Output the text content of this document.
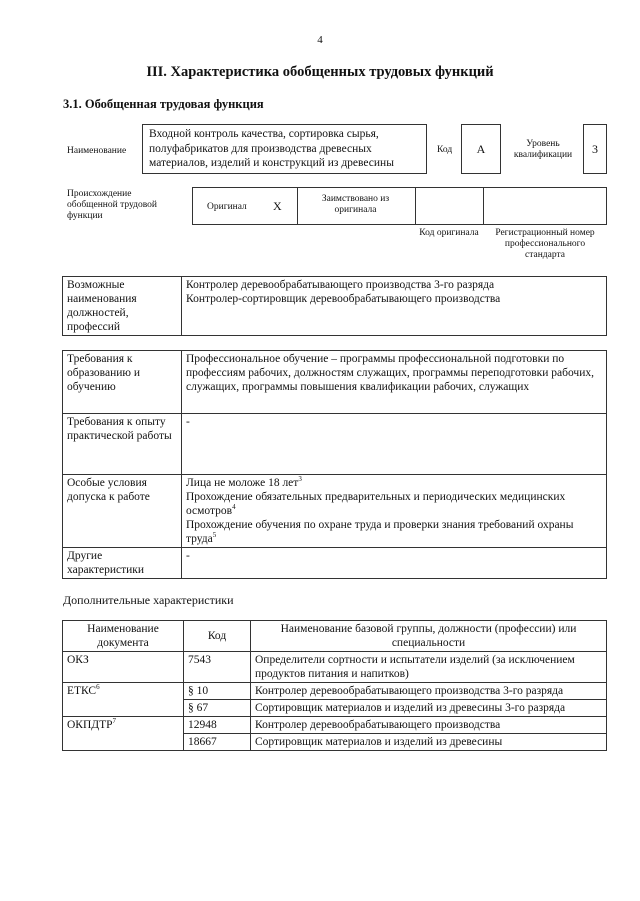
4
III. Характеристика обобщенных трудовых функций
3.1. Обобщенная трудовая функция
Наименование
Входной контроль качества, сортировка сырья, полуфабрикатов для производства древесных материалов, изделий и конструкций из древесины
Код	А	Уровень квалификации	3
Происхождение обобщенной трудовой функции
Оригинал Х	Заимствовано из оригинала
Код оригинала	Регистрационный номер профессионального стандарта
Возможные наименования должностей, профессий	
Контролер деревообрабатывающего производства 3-го разряда
Контролер-сортировщик деревообрабатывающего производства
Требования к образованию и обучению	Профессиональное обучение – программы профессиональной подготовки по профессиям рабочих, должностям служащих, программы переподготовки рабочих, служащих, программы повышения квалификации рабочих, служащих
Требования к опыту практической работы	-
Особые условия допуска к работе	Лица не моложе 18 лет$^3$
Прохождение обязательных предварительных и периодических медицинских осмотров$^4$
Прохождение обучения по охране труда и проверки знания требований охраны труда$^5$

Другие характеристики	-
Дополнительные характеристики
Наименование документа	Код	Наименование базовой группы, должности (профессии) или специальности
ОКЗ	7543	Определители сортности и испытатели изделий (за исключением продуктов питания и напитков)
ЕТКС$^6$	§ 10	Контролер деревообрабатывающего производства 3-го разряда
	§ 67	Сортировщик материалов и изделий из древесины 3-го разряда
ОКПДТР$^7$	12948	Контролер деревообрабатывающего производства
	18667	Сортировщик материалов и изделий из древесины
